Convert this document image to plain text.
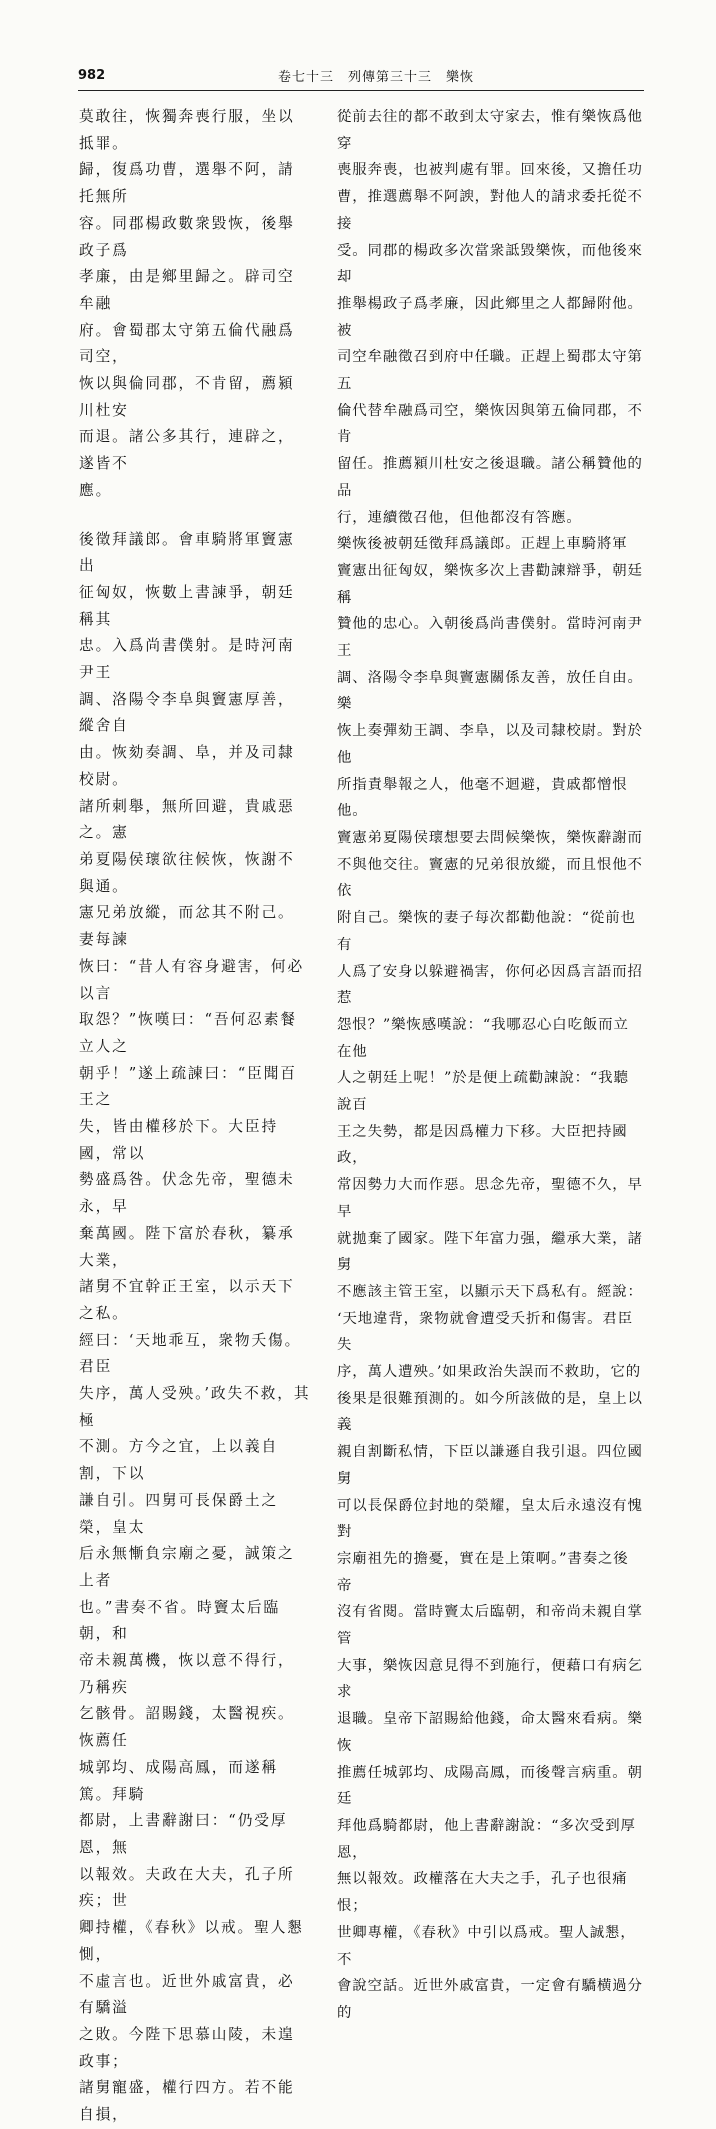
982	卷七十三　列傳第三十三　樂恢

莫敢往，恢獨奔喪行服，坐以抵罪。
歸，復爲功曹，選舉不阿，請托無所
容。同郡楊政數衆毀恢，後舉政子爲
孝廉，由是鄉里歸之。辟司空牟融
府。會蜀郡太守第五倫代融爲司空，
恢以與倫同郡，不肯留，薦潁川杜安
而退。諸公多其行，連辟之，遂皆不
應。

後徵拜議郎。會車騎將軍竇憲出
征匈奴，恢數上書諫爭，朝廷稱其
忠。入爲尚書僕射。是時河南尹王
調、洛陽令李阜與竇憲厚善，縱舍自
由。恢劾奏調、阜，并及司隸校尉。
諸所刺舉，無所回避，貴戚惡之。憲
弟夏陽侯瓌欲往候恢，恢謝不與通。
憲兄弟放縱，而忿其不附己。妻每諫
恢曰：“昔人有容身避害，何必以言
取怨？”恢嘆曰：“吾何忍素餐立人之
朝乎！”遂上疏諫曰：“臣聞百王之
失，皆由權移於下。大臣持國，常以
勢盛爲咎。伏念先帝，聖德未永，早
棄萬國。陛下富於春秋，纂承大業，
諸舅不宜幹正王室，以示天下之私。
經曰：‘天地乖互，衆物夭傷。君臣
失序，萬人受殃。’政失不救，其極
不測。方今之宜，上以義自割，下以
謙自引。四舅可長保爵土之榮，皇太
后永無慚負宗廟之憂，誠策之上者
也。”書奏不省。時竇太后臨朝，和
帝未親萬機，恢以意不得行，乃稱疾
乞骸骨。詔賜錢，太醫視疾。恢薦任
城郭均、成陽高鳳，而遂稱篤。拜騎
都尉，上書辭謝曰：“仍受厚恩，無
以報效。夫政在大夫，孔子所疾；世
卿持權，《春秋》以戒。聖人懇惻，
不虛言也。近世外戚富貴，必有驕溢
之敗。今陛下思慕山陵，未遑政事；
諸舅寵盛，權行四方。若不能自損，

從前去往的都不敢到太守家去，惟有樂恢爲他穿
喪服奔喪，也被判處有罪。回來後，又擔任功
曹，推選薦舉不阿諛，對他人的請求委托從不接
受。同郡的楊政多次當衆詆毀樂恢，而他後來却
推舉楊政子爲孝廉，因此鄉里之人都歸附他。被
司空牟融徵召到府中任職。正趕上蜀郡太守第五
倫代替牟融爲司空，樂恢因與第五倫同郡，不肯
留任。推薦潁川杜安之後退職。諸公稱贊他的品
行，連續徵召他，但他都沒有答應。

樂恢後被朝廷徵拜爲議郎。正趕上車騎將軍
竇憲出征匈奴，樂恢多次上書勸諫辯爭，朝廷稱
贊他的忠心。入朝後爲尚書僕射。當時河南尹王
調、洛陽令李阜與竇憲關係友善，放任自由。樂
恢上奏彈劾王調、李阜，以及司隸校尉。對於他
所指責舉報之人，他毫不迴避，貴戚都憎恨他。
竇憲弟夏陽侯瓌想要去問候樂恢，樂恢辭謝而
不與他交往。竇憲的兄弟很放縱，而且恨他不依
附自己。樂恢的妻子每次都勸他說：“從前也有
人爲了安身以躲避禍害，你何必因爲言語而招惹
怨恨？”樂恢感嘆說：“我哪忍心白吃飯而立在他
人之朝廷上呢！”於是便上疏勸諫說：“我聽說百
王之失勢，都是因爲權力下移。大臣把持國政，
常因勢力大而作惡。思念先帝，聖德不久，早早
就拋棄了國家。陛下年富力强，繼承大業，諸舅
不應該主管王室，以顯示天下爲私有。經說：
‘天地違背，衆物就會遭受夭折和傷害。君臣失
序，萬人遭殃。’如果政治失誤而不救助，它的
後果是很難預測的。如今所該做的是，皇上以義
親自割斷私情，下臣以謙遜自我引退。四位國舅
可以長保爵位封地的榮耀，皇太后永遠沒有愧對
宗廟祖先的擔憂，實在是上策啊。”書奏之後帝
沒有省閱。當時竇太后臨朝，和帝尚未親自掌管
大事，樂恢因意見得不到施行，便藉口有病乞求
退職。皇帝下詔賜給他錢，命太醫來看病。樂恢
推薦任城郭均、成陽高鳳，而後聲言病重。朝廷
拜他爲騎都尉，他上書辭謝說：“多次受到厚恩，
無以報效。政權落在大夫之手，孔子也很痛恨；
世卿專權，《春秋》中引以爲戒。聖人誠懇，不
會說空話。近世外戚富貴，一定會有驕横過分的
